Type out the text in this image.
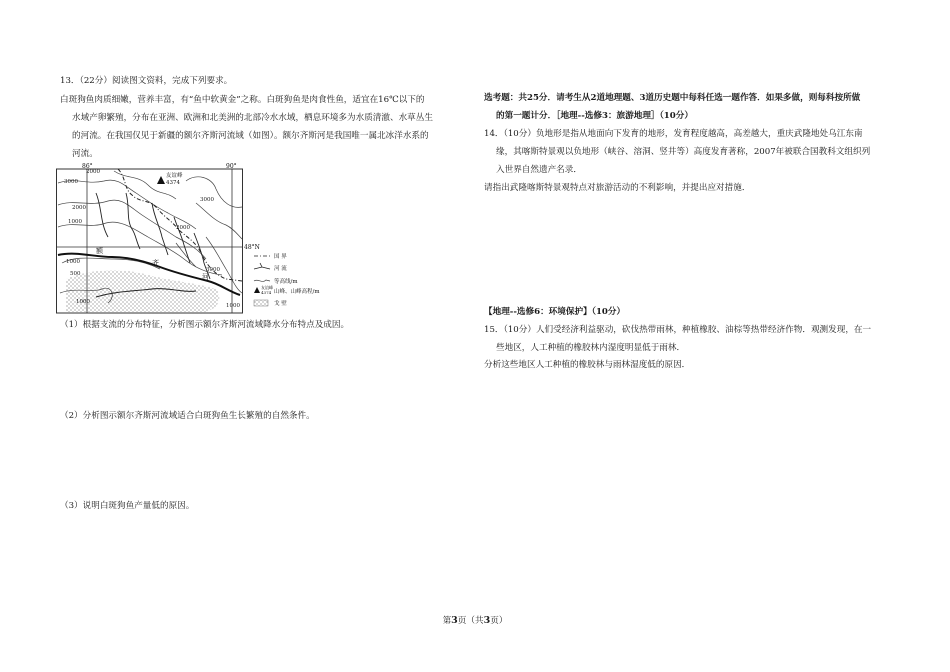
13．（22分）阅读图文资料，完成下列要求。
白斑狗鱼肉质细嫩，营养丰富，有“鱼中软黄金”之称。白斑狗鱼是肉食性鱼，适宜在16℃以下的
水域产卵繁殖，分布在亚洲、欧洲和北美洲的北部冷水水域，栖息环境多为水质清澈、水草丛生
的河流。在我国仅见于新疆的额尔齐斯河流域（如图）。额尔齐斯河是我国唯一属北冰洋水系的
河流。
友谊峰
4374
86°	90°
48°N
3000
2000
1000
2000
1000
500
1000
3000
2000
3000
1000
额
齐
河
国 界
河 流
等高线/m
友谊峰
4374 山峰、山峰高程/m
戈 壁
（1）根据支流的分布特征，分析图示额尔齐斯河流域降水分布特点及成因。
（2）分析图示额尔齐斯河流域适合白斑狗鱼生长繁殖的自然条件。
（3）说明白斑狗鱼产量低的原因。
选考题：共25分．请考生从2道地理题、3道历史题中每科任选一题作答．如果多做，则每科按所做
的第一题计分．［地理--选修3：旅游地理］（10分）
14．（10分）负地形是指从地面向下发育的地形，发育程度越高，高差越大，重庆武隆地处乌江东南
缘，其喀斯特景观以负地形（峡谷、溶洞、竖井等）高度发育著称，2007年被联合国教科文组织列
入世界自然遗产名录．
请指出武隆喀斯特景观特点对旅游活动的不利影响，并提出应对措施．
【地理--选修6：环境保护】（10分）
15．（10分）人们受经济利益驱动，砍伐热带雨林，种植橡胶、油棕等热带经济作物．观测发现，在一
些地区，人工种植的橡胶林内湿度明显低于雨林．
分析这些地区人工种植的橡胶林与雨林湿度低的原因．
第3页（共3页）
